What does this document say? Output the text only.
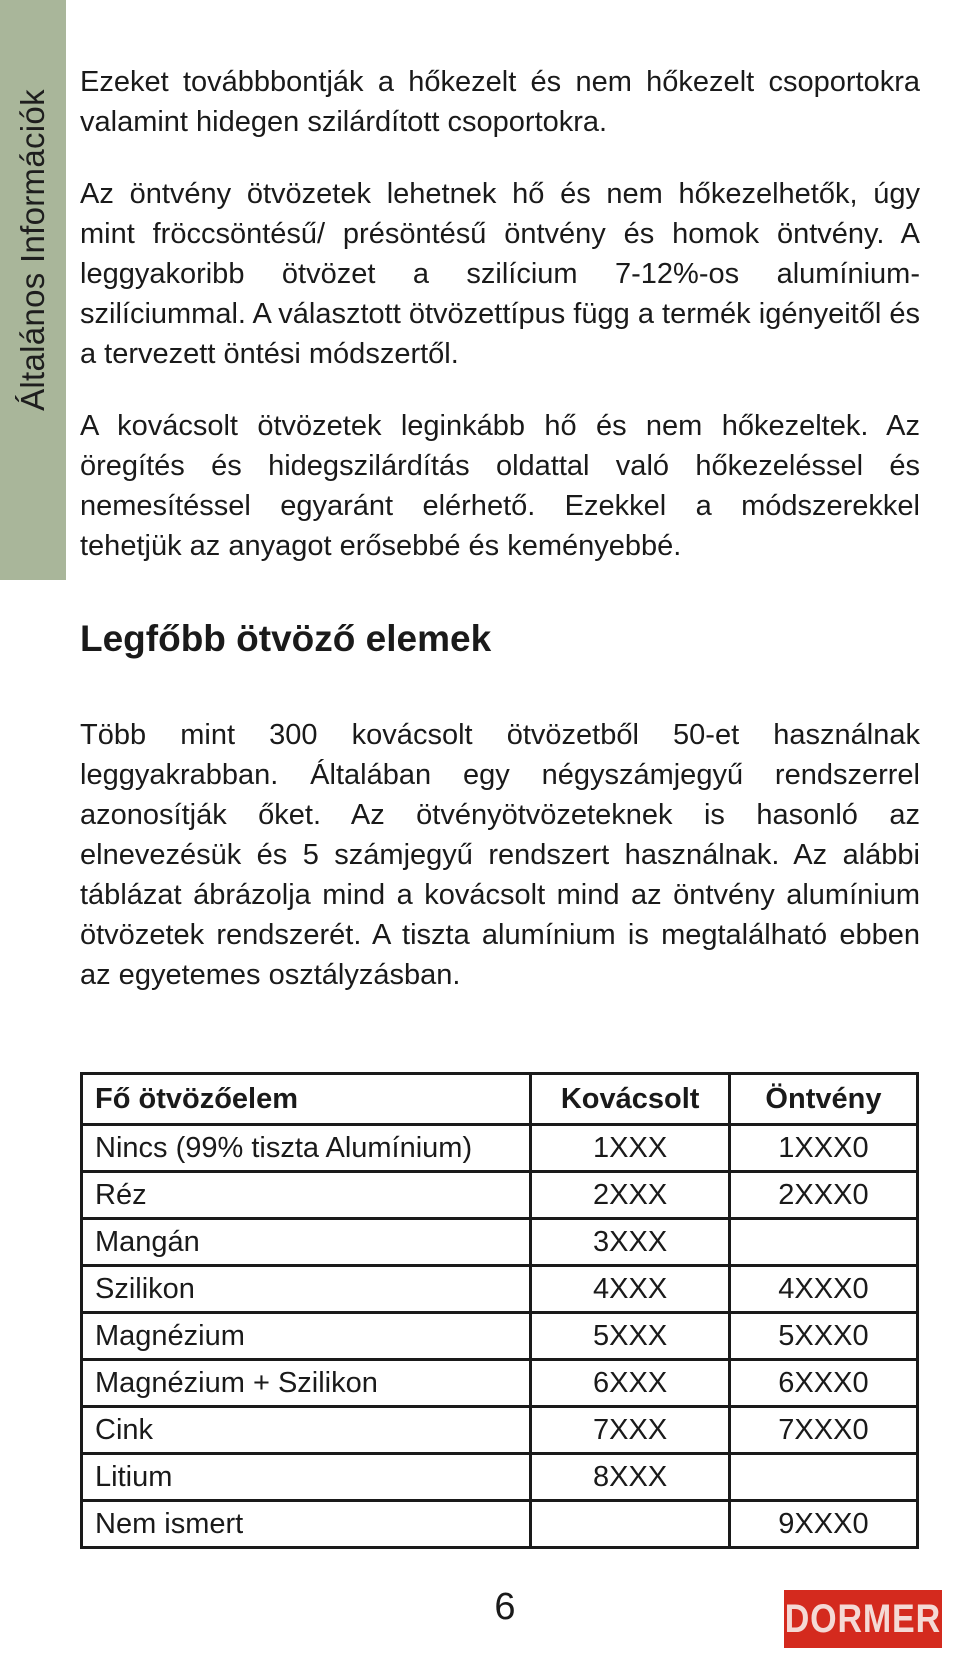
Általános Információk

Ezeket továbbbontják a hőkezelt és nem hőkezelt csoportokra valamint hidegen szilárdított csoportokra.

Az öntvény ötvözetek lehetnek hő és nem hőkezelhetők, úgy mint fröccsöntésű/ présöntésű öntvény és homok öntvény. A leggyakoribb ötvözet a szilícium 7-12%-os alumínium-szilíciummal. A választott ötvözettípus függ a termék igényeitől és a tervezett öntési módszertől.

A kovácsolt ötvözetek leginkább hő és nem hőkezeltek. Az öregítés és hidegszilárdítás oldattal való hőkezeléssel és nemesítéssel egyaránt elérhető. Ezekkel a módszerekkel tehetjük az anyagot erősebbé és keményebbé.

Legfőbb ötvöző elemek

Több mint 300 kovácsolt ötvözetből 50-et használnak leggyakrabban. Általában egy négyszámjegyű rendszerrel azonosítják őket. Az ötvényötvözeteknek is hasonló az elnevezésük és 5 számjegyű rendszert használnak. Az alábbi táblázat ábrázolja mind a kovácsolt mind az öntvény alumínium ötvözetek rendszerét. A tiszta alumínium is megtalálható ebben az egyetemes osztályzásban.

Fő ötvözőelem	Kovácsolt	Öntvény
Nincs (99% tiszta Alumínium)	1XXX	1XXX0
Réz	2XXX	2XXX0
Mangán	3XXX	
Szilikon	4XXX	4XXX0
Magnézium	5XXX	5XXX0
Magnézium + Szilikon	6XXX	6XXX0
Cink	7XXX	7XXX0
Litium	8XXX	
Nem ismert		9XXX0
6	DORMER
